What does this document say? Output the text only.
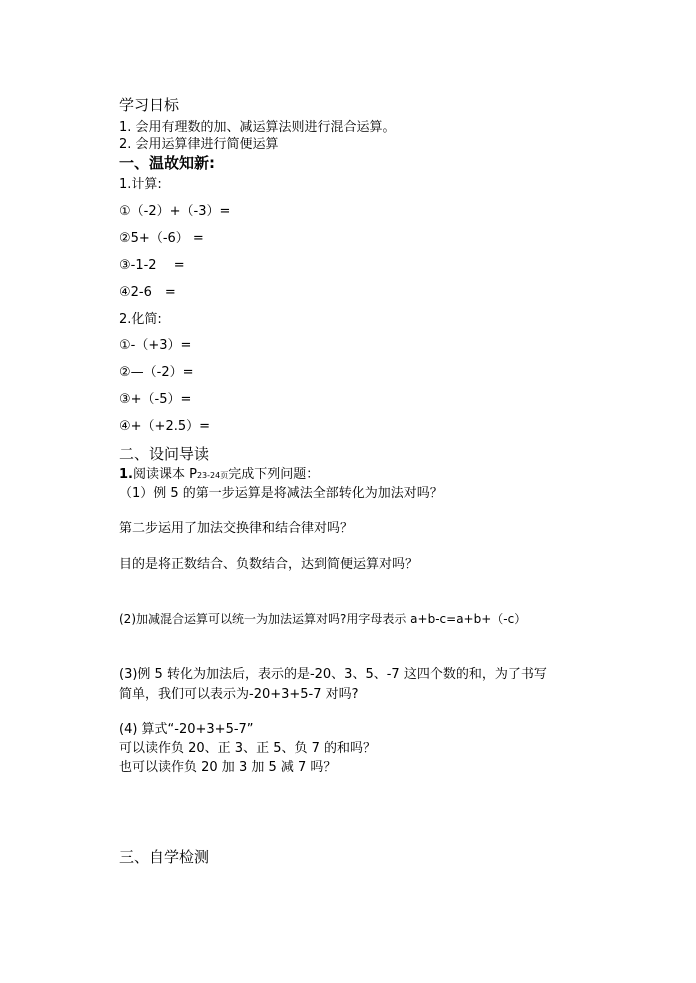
学习日标
1. 会用有理数的加、减运算法则进行混合运算。
2. 会用运算律进行简便运算
一、温故知新:
1.计算:
①（-2）+（-3）=
②5+（-6） =
③-1-2　 =
④2-6　=
2.化简:
①-（+3）=
②—（-2）=
③+（-5）=
④+（+2.5）=
二、设问导读
1.阅读课本 P23-24页完成下列问题：
（1）例 5 的第一步运算是将减法全部转化为加法对吗？
第二步运用了加法交换律和结合律对吗？
目的是将正数结合、负数结合，达到简便运算对吗？
(2)加减混合运算可以统一为加法运算对吗?用字母表示 a+b-c=a+b+（-c）
(3)例 5 转化为加法后，表示的是-20、3、5、-7 这四个数的和，为了书写
简单，我们可以表示为-20+3+5-7 对吗?
(4) 算式“-20+3+5-7”
可以读作负 20、正 3、正 5、负 7 的和吗？
也可以读作负 20 加 3 加 5 减 7 吗？
三、自学检测
